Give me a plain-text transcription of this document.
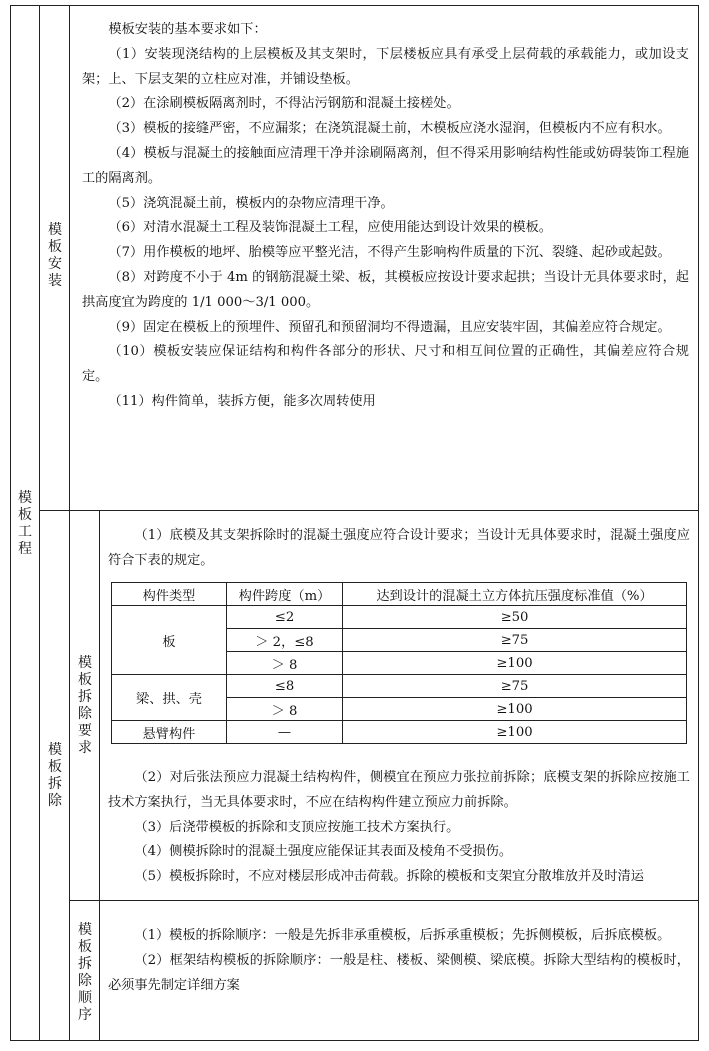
模板工程
模板安装
模板拆除
模板拆除要求
模板拆除顺序

模板安装的基本要求如下：

（1）安装现浇结构的上层模板及其支架时，下层楼板应具有承受上层荷载的承载能力，或加设支架；上、下层支架的立柱应对准，并铺设垫板。

（2）在涂刷模板隔离剂时，不得沾污钢筋和混凝土接槎处。

（3）模板的接缝严密，不应漏浆；在浇筑混凝土前，木模板应浇水湿润，但模板内不应有积水。

（4）模板与混凝土的接触面应清理干净并涂刷隔离剂，但不得采用影响结构性能或妨碍装饰工程施工的隔离剂。

（5）浇筑混凝土前，模板内的杂物应清理干净。

（6）对清水混凝土工程及装饰混凝土工程，应使用能达到设计效果的模板。

（7）用作模板的地坪、胎模等应平整光洁，不得产生影响构件质量的下沉、裂缝、起砂或起鼓。

（8）对跨度不小于 4m 的钢筋混凝土梁、板，其模板应按设计要求起拱；当设计无具体要求时，起拱高度宜为跨度的 1/1 000～3/1 000。

（9）固定在模板上的预埋件、预留孔和预留洞均不得遗漏，且应安装牢固，其偏差应符合规定。

（10）模板安装应保证结构和构件各部分的形状、尺寸和相互间位置的正确性，其偏差应符合规定。

（11）构件简单，装拆方便，能多次周转使用

（1）底模及其支架拆除时的混凝土强度应符合设计要求；当设计无具体要求时，混凝土强度应符合下表的规定。

构件类型	构件跨度（m）	达到设计的混凝土立方体抗压强度标准值（%）
板	≤2	≥50
	＞ 2，≤8	≥75
	＞ 8	≥100
梁、拱、壳	≤8	≥75
	＞ 8	≥100
悬臂构件	—	≥100

（2）对后张法预应力混凝土结构构件，侧模宜在预应力张拉前拆除；底模支架的拆除应按施工技术方案执行，当无具体要求时，不应在结构构件建立预应力前拆除。

（3）后浇带模板的拆除和支顶应按施工技术方案执行。

（4）侧模拆除时的混凝土强度应能保证其表面及棱角不受损伤。

（5）模板拆除时，不应对楼层形成冲击荷载。拆除的模板和支架宜分散堆放并及时清运

（1）模板的拆除顺序：一般是先拆非承重模板，后拆承重模板；先拆侧模板，后拆底模板。

（2）框架结构模板的拆除顺序：一般是柱、楼板、梁侧模、梁底模。拆除大型结构的模板时，必须事先制定详细方案
